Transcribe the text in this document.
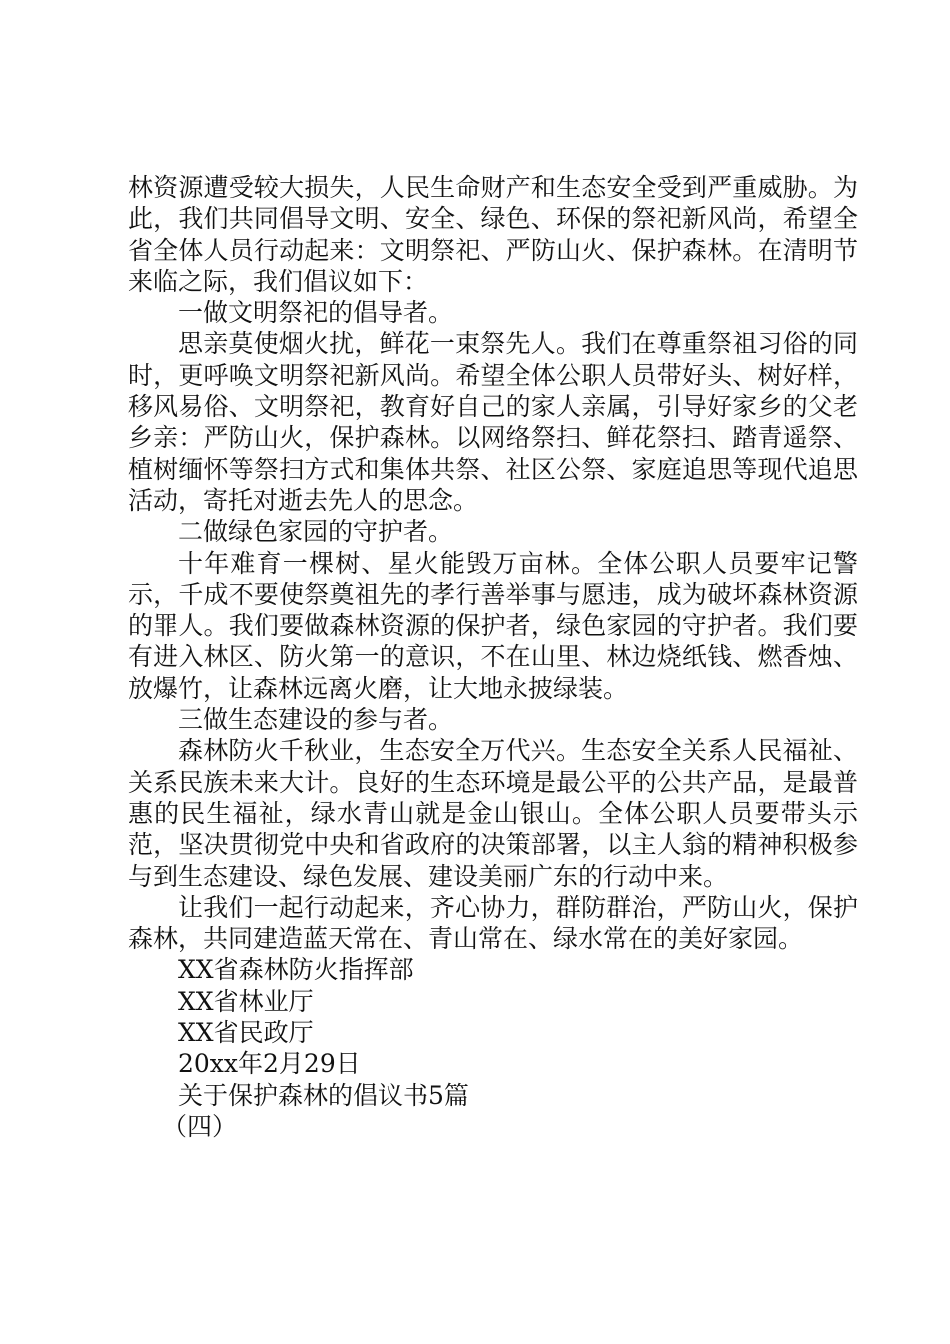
林资源遭受较大损失，人民生命财产和生态安全受到严重威胁。为此，我们共同倡导文明、安全、绿色、环保的祭祀新风尚，希望全省全体人员行动起来：文明祭祀、严防山火、保护森林。在清明节来临之际，我们倡议如下：

一做文明祭祀的倡导者。

思亲莫使烟火扰，鲜花一束祭先人。我们在尊重祭祖习俗的同时，更呼唤文明祭祀新风尚。希望全体公职人员带好头、树好样，移风易俗、文明祭祀，教育好自己的家人亲属，引导好家乡的父老乡亲：严防山火，保护森林。以网络祭扫、鲜花祭扫、踏青遥祭、植树缅怀等祭扫方式和集体共祭、社区公祭、家庭追思等现代追思活动，寄托对逝去先人的思念。

二做绿色家园的守护者。

十年难育一棵树、星火能毁万亩林。全体公职人员要牢记警示，千成不要使祭奠祖先的孝行善举事与愿违，成为破坏森林资源的罪人。我们要做森林资源的保护者，绿色家园的守护者。我们要有进入林区、防火第一的意识，不在山里、林边烧纸钱、燃香烛、放爆竹，让森林远离火磨，让大地永披绿装。

三做生态建设的参与者。

森林防火千秋业，生态安全万代兴。生态安全关系人民福祉、关系民族未来大计。良好的生态环境是最公平的公共产品，是最普惠的民生福祉，绿水青山就是金山银山。全体公职人员要带头示范，坚决贯彻党中央和省政府的决策部署，以主人翁的精神积极参与到生态建设、绿色发展、建设美丽广东的行动中来。

让我们一起行动起来，齐心协力，群防群治，严防山火，保护森林，共同建造蓝天常在、青山常在、绿水常在的美好家园。

XX省森林防火指挥部

XX省林业厅

XX省民政厅

20xx年2月29日

关于保护森林的倡议书5篇

（四）
